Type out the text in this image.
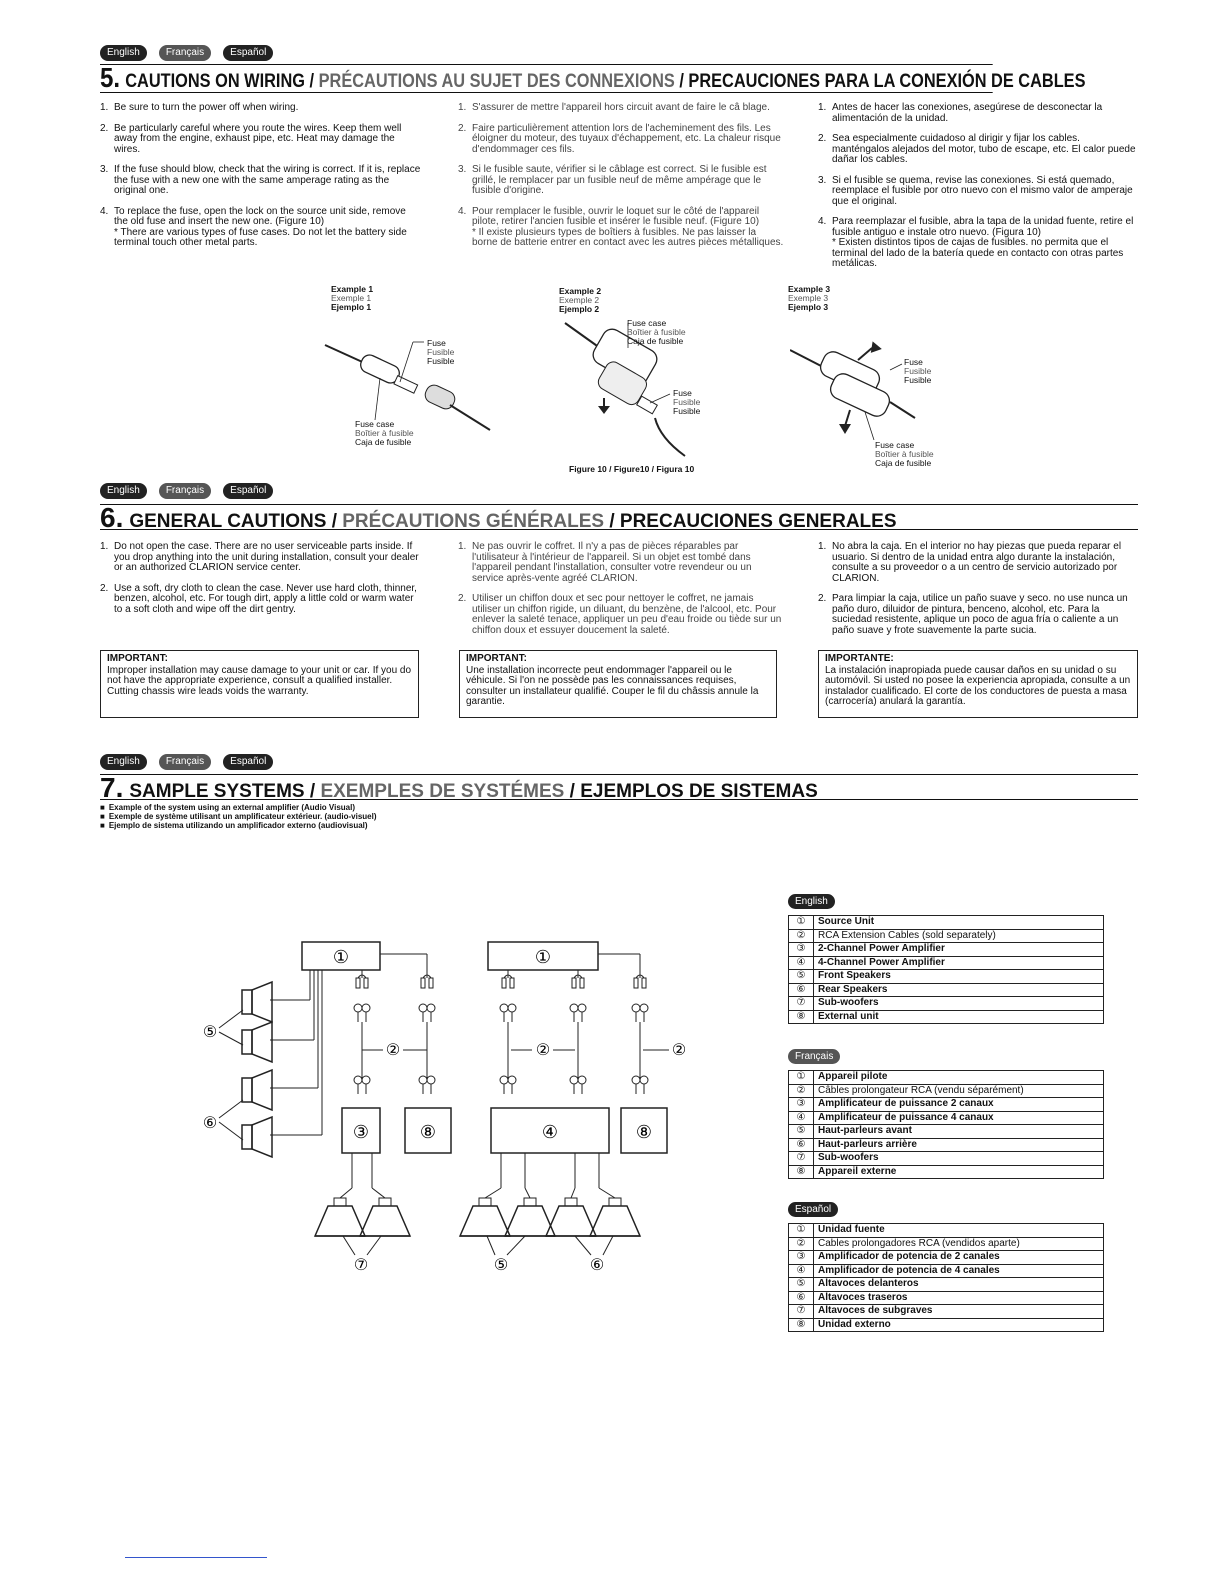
English	Français	Español
5. CAUTIONS ON WIRING / PRÉCAUTIONS AU SUJET DES CONNEXIONS / PRECAUCIONES PARA LA CONEXIÓN DE CABLES
1. Be sure to turn the power off when wiring.
2. Be particularly careful where you route the wires. Keep them well away from the engine, exhaust pipe, etc. Heat may damage the wires.
3. If the fuse should blow, check that the wiring is correct. If it is, replace the fuse with a new one with the same amperage rating as the original one.
4. To replace the fuse, open the lock on the source unit side, remove the old fuse and insert the new one. (Figure 10)
* There are various types of fuse cases. Do not let the battery side terminal touch other metal parts.
1. S'assurer de mettre l'appareil hors circuit avant de faire le câ blage.
2. Faire particulièrement attention lors de l'acheminement des fils. Les éloigner du moteur, des tuyaux d'échappement, etc. La chaleur risque d'endommager ces fils.
3. Si le fusible saute, vérifier si le câblage est correct. Si le fusible est grillé, le remplacer par un fusible neuf de même ampérage que le fusible d'origine.
4. Pour remplacer le fusible, ouvrir le loquet sur le côté de l'appareil pilote, retirer l'ancien fusible et insérer le fusible neuf. (Figure 10)
* Il existe plusieurs types de boîtiers à fusibles. Ne pas laisser la borne de batterie entrer en contact avec les autres pièces métalliques.
1. Antes de hacer las conexiones, asegúrese de desconectar la alimentación de la unidad.
2. Sea especialmente cuidadoso al dirigir y fijar los cables. manténgalos alejados del motor, tubo de escape, etc. El calor puede dañar los cables.
3. Si el fusible se quema, revise las conexiones. Si está quemado, reemplace el fusible por otro nuevo con el mismo valor de amperaje que el original.
4. Para reemplazar el fusible, abra la tapa de la unidad fuente, retire el fusible antiguo e instale otro nuevo. (Figura 10)
* Existen distintos tipos de cajas de fusibles. no permita que el terminal del lado de la batería quede en contacto con otras partes metálicas.
Example 1
Exemple 1
Ejemplo 1
Example 2
Exemple 2
Ejemplo 2
Example 3
Exemple 3
Ejemplo 3
Fuse
Fusible
Fusible
Fuse case
Boîtier à fusible
Caja de fusible
Fuse case
Boîtier à fusible
Caja de fusible
Fuse
Fusible
Fusible
Figure 10 / Figure10 / Figura 10
Fuse
Fusible
Fusible
Fuse case
Boîtier à fusible
Caja de fusible
English	Français	Español
6. GENERAL CAUTIONS / PRÉCAUTIONS GÉNÉRALES / PRECAUCIONES GENERALES
1. Do not open the case. There are no user serviceable parts inside. If you drop anything into the unit during installation, consult your dealer or an authorized CLARION service center.
2. Use a soft, dry cloth to clean the case. Never use hard cloth, thinner, benzen, alcohol, etc. For tough dirt, apply a little cold or warm water to a soft cloth and wipe off the dirt gentry.
1. Ne pas ouvrir le coffret. Il n'y a pas de pièces réparables par l'utilisateur à l'intérieur de l'appareil. Si un objet est tombé dans l'appareil pendant l'installation, consulter votre revendeur ou un service après-vente agréé CLARION.
2. Utiliser un chiffon doux et sec pour nettoyer le coffret, ne jamais utiliser un chiffon rigide, un diluant, du benzène, de l'alcool, etc. Pour enlever la saleté tenace, appliquer un peu d'eau froide ou tiède sur un chiffon doux et essuyer doucement la saleté.
1. No abra la caja. En el interior no hay piezas que pueda reparar el usuario. Si dentro de la unidad entra algo durante la instalación, consulte a su proveedor o a un centro de servicio autorizado por CLARION.
2. Para limpiar la caja, utilice un paño suave y seco. no use nunca un paño duro, diluidor de pintura, benceno, alcohol, etc. Para la suciedad resistente, aplique un poco de agua fría o caliente a un paño suave y frote suavemente la parte sucia.
IMPORTANT:
Improper installation may cause damage to your unit or car. If you do not have the appropriate experience, consult a qualified installer. Cutting chassis wire leads voids the warranty.
IMPORTANT:
Une installation incorrecte peut endommager l'appareil ou le véhicule. Si l'on ne possède pas les connaissances requises, consulter un installateur qualifié. Couper le fil du châssis annule la garantie.
IMPORTANTE:
La instalación inapropiada puede causar daños en su unidad o su automóvil. Si usted no posee la experiencia apropiada, consulte a un instalador cualificado. El corte de los conductores de puesta a masa (carrocería) anulará la garantía.
English	Français	Español
7. SAMPLE SYSTEMS / EXEMPLES DE SYSTÉMES / EJEMPLOS DE SISTEMAS
■ Example of the system using an external amplifier (Audio Visual)
■ Exemple de système utilisant un amplificateur extérieur. (audio-visuel)
■ Ejemplo de sistema utilizando un amplificador externo (audiovisual)
①
②
③	⑧
⑤
⑥
⑦
①
②	②
④	⑧
⑤	⑥
English
①	Source Unit
②	RCA Extension Cables (sold separately)
③	2-Channel Power Amplifier
④	4-Channel Power Amplifier
⑤	Front Speakers
⑥	Rear Speakers
⑦	Sub-woofers
⑧	External unit
Français
①	Appareil pilote
②	Câbles prolongateur RCA (vendu séparément)
③	Amplificateur de puissance 2 canaux
④	Amplificateur de puissance 4 canaux
⑤	Haut-parleurs avant
⑥	Haut-parleurs arrière
⑦	Sub-woofers
⑧	Appareil externe
Español
①	Unidad fuente
②	Cables prolongadores RCA (vendidos aparte)
③	Amplificador de potencia de 2 canales
④	Amplificador de potencia de 4 canales
⑤	Altavoces delanteros
⑥	Altavoces traseros
⑦	Altavoces de subgraves
⑧	Unidad externo
